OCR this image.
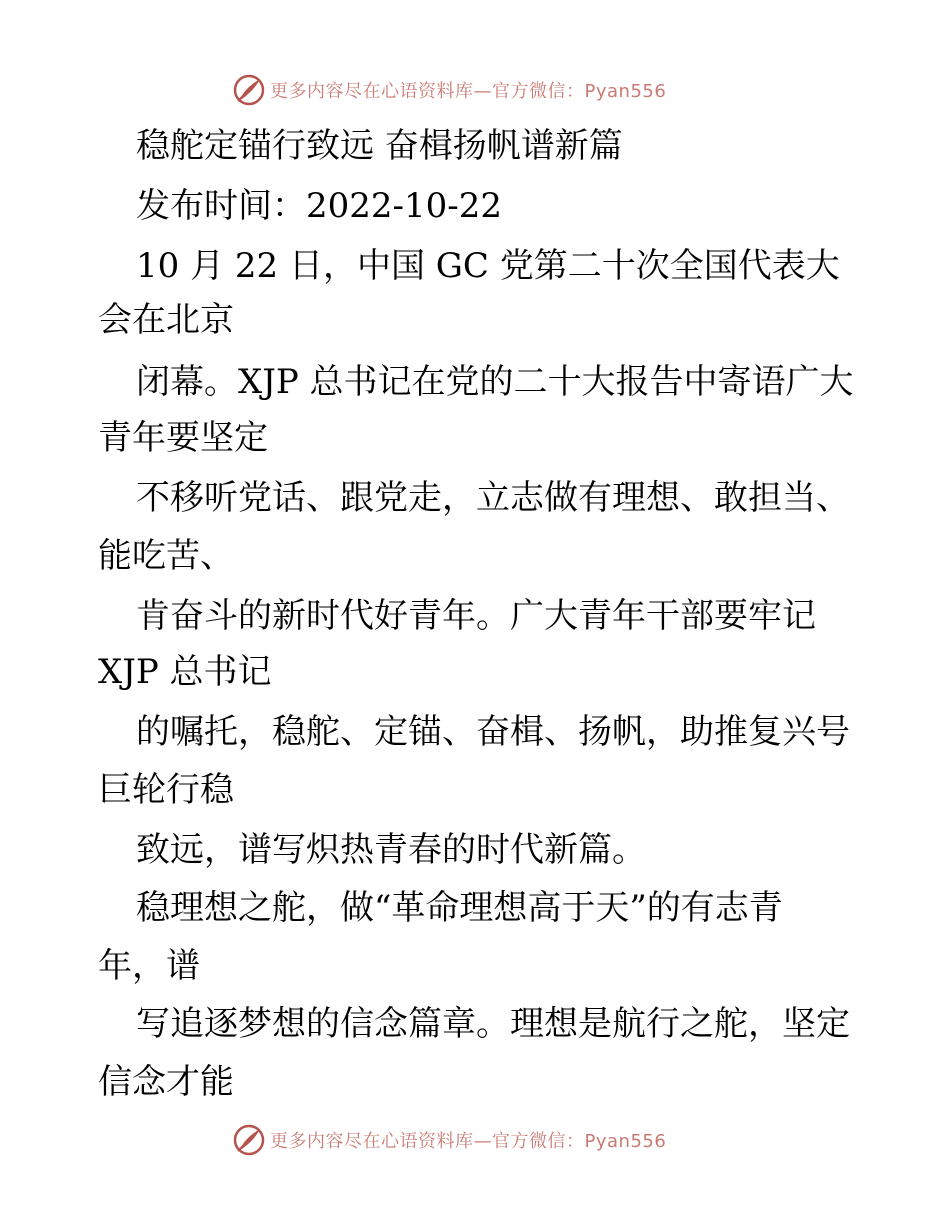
更多内容尽在心语资料库—官方微信：Pyan556
稳舵定锚行致远 奋楫扬帆谱新篇
发布时间：2022-10-22
10 月 22 日，中国 GC 党第二十次全国代表大
会在北京
闭幕。XJP 总书记在党的二十大报告中寄语广大
青年要坚定
不移听党话、跟党走，立志做有理想、敢担当、
能吃苦、
肯奋斗的新时代好青年。广大青年干部要牢记
XJP 总书记
的嘱托，稳舵、定锚、奋楫、扬帆，助推复兴号
巨轮行稳
致远，谱写炽热青春的时代新篇。
稳理想之舵，做“革命理想高于天”的有志青
年，谱
写追逐梦想的信念篇章。理想是航行之舵，坚定
信念才能
更多内容尽在心语资料库—官方微信：Pyan556
